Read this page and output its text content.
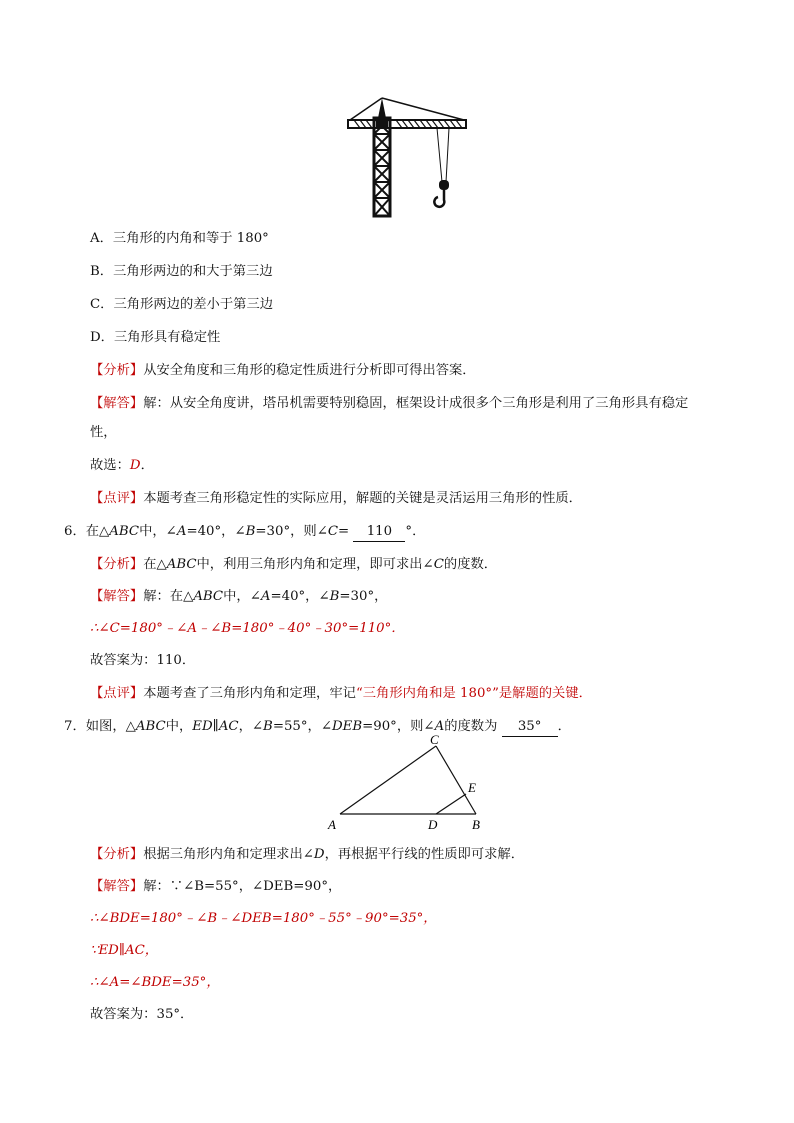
A．三角形的内角和等于 180°
B．三角形两边的和大于第三边
C．三角形两边的差小于第三边
D．三角形具有稳定性
【分析】从安全角度和三角形的稳定性质进行分析即可得出答案．
【解答】解：从安全角度讲，塔吊机需要特别稳固，框架设计成很多个三角形是利用了三角形具有稳定
性，
故选：D．
【点评】本题考查三角形稳定性的实际应用，解题的关键是灵活运用三角形的性质．
6．在△ABC中，∠A=40°，∠B=30°，则∠C= 110 °．
【分析】在△ABC中，利用三角形内角和定理，即可求出∠C的度数．
【解答】解：在△ABC中，∠A=40°，∠B=30°，
∴∠C=180°﹣∠A﹣∠B=180°﹣40°﹣30°=110°．
故答案为：110．
【点评】本题考查了三角形内角和定理，牢记“三角形内角和是 180°”是解题的关键．
7．如图，△ABC中，ED∥AC，∠B=55°，∠DEB=90°，则∠A的度数为 35° ．
A	B
C
D
E
【分析】根据三角形内角和定理求出∠D，再根据平行线的性质即可求解．
【解答】解：∵∠B=55°，∠DEB=90°，
∴∠BDE=180°﹣∠B﹣∠DEB=180°﹣55°﹣90°=35°，
∵ED∥AC，
∴∠A=∠BDE=35°，
故答案为：35°．
